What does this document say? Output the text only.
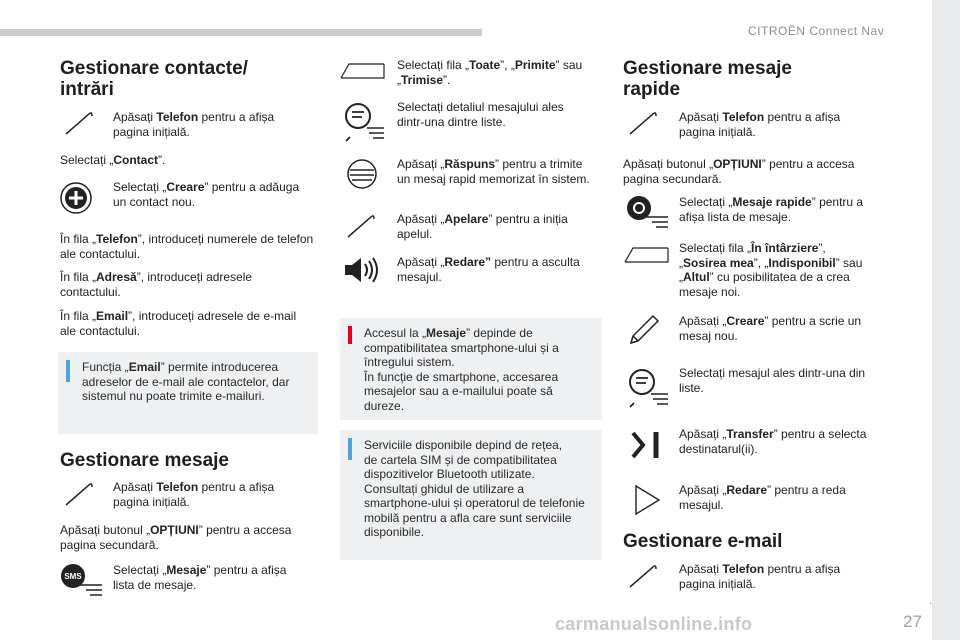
CITROËN Connect Nav
.
27
carmanualsonline.info
Gestionare contacte/
intrări
Apăsați Telefon pentru a afișa
pagina inițială.
Selectați „Contact”.
Selectați „Creare” pentru a adăuga
un contact nou.
În fila „Telefon”, introduceți numerele de telefon
ale contactului.
În fila „Adresă”, introduceți adresele
contactului.
În fila „Email”, introduceți adresele de e-mail
ale contactului.
Funcția „Email” permite introducerea
adreselor de e-mail ale contactelor, dar
sistemul nu poate trimite e-mailuri.
Gestionare mesaje
Apăsați Telefon pentru a afișa
pagina inițială.
Apăsați butonul „OPȚIUNI” pentru a accesa
pagina secundară.
SMS	Selectați „Mesaje” pentru a afișa
lista de mesaje.
Selectați fila „Toate”, „Primite” sau
„Trimise”.
Selectați detaliul mesajului ales
dintr-una dintre liste.
Apăsați „Răspuns” pentru a trimite
un mesaj rapid memorizat în sistem.
Apăsați „Apelare” pentru a iniția
apelul.
Apăsați „Redare” pentru a asculta
mesajul.
Accesul la „Mesaje” depinde de
compatibilitatea smartphone-ului și a
întregului sistem.
În funcție de smartphone, accesarea
mesajelor sau a e-mailului poate să
dureze.
Serviciile disponibile depind de rețea,
de cartela SIM și de compatibilitatea
dispozitivelor Bluetooth utilizate.
Consultați ghidul de utilizare a
smartphone-ului și operatorul de telefonie
mobilă pentru a afla care sunt serviciile
disponibile.
Gestionare mesaje
rapide
Apăsați Telefon pentru a afișa
pagina inițială.
Apăsați butonul „OPȚIUNI” pentru a accesa
pagina secundară.
Selectați „Mesaje rapide” pentru a
afișa lista de mesaje.
Selectați fila „În întârziere”,
„Sosirea mea”, „Indisponibil” sau
„Altul” cu posibilitatea de a crea
mesaje noi.
Apăsați „Creare” pentru a scrie un
mesaj nou.
Selectați mesajul ales dintr-una din
liste.
Apăsați „Transfer” pentru a selecta
destinatarul(ii).
Apăsați „Redare” pentru a reda
mesajul.
Gestionare e-mail
Apăsați Telefon pentru a afișa
pagina inițială.
